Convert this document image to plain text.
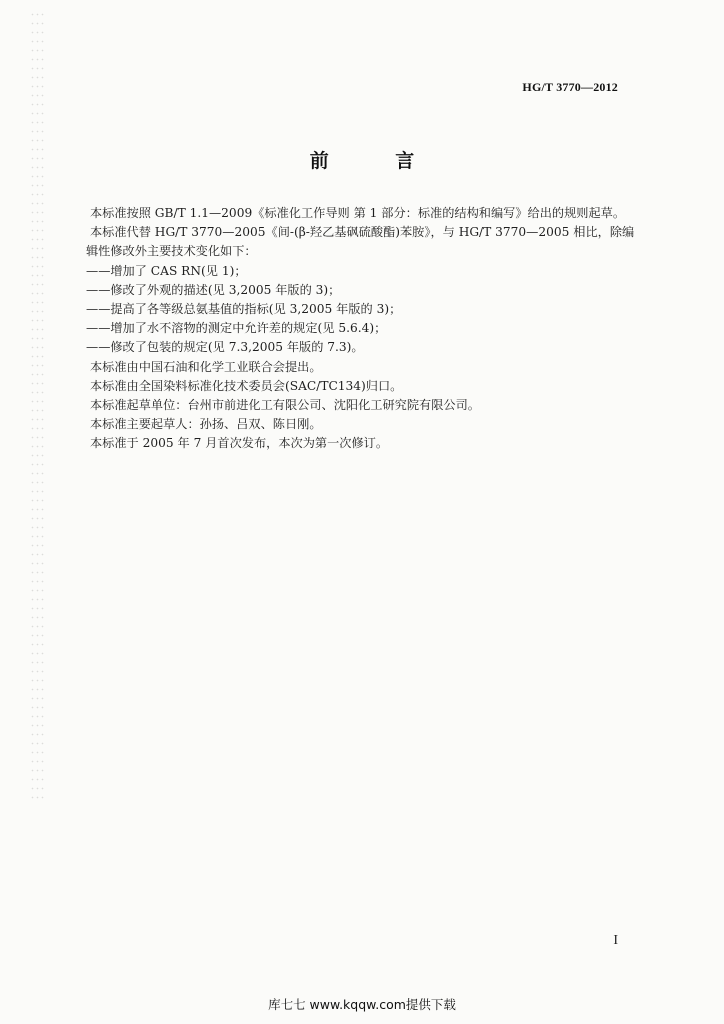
HG/T 3770—2012
前 言

本标准按照 GB/T 1.1—2009《标准化工作导则 第 1 部分：标准的结构和编写》给出的规则起草。

本标准代替 HG/T 3770—2005《间-(β-羟乙基砜硫酸酯)苯胺》，与 HG/T 3770—2005 相比，除编

辑性修改外主要技术变化如下：

——增加了 CAS RN(见 1)；

——修改了外观的描述(见 3,2005 年版的 3)；

——提高了各等级总氨基值的指标(见 3,2005 年版的 3)；

——增加了水不溶物的测定中允许差的规定(见 5.6.4)；

——修改了包装的规定(见 7.3,2005 年版的 7.3)。

本标准由中国石油和化学工业联合会提出。

本标准由全国染料标准化技术委员会(SAC/TC134)归口。

本标准起草单位：台州市前进化工有限公司、沈阳化工研究院有限公司。

本标准主要起草人：孙扬、吕双、陈日刚。

本标准于 2005 年 7 月首次发布，本次为第一次修订。

I
库七七 www.kqqw.com提供下载
